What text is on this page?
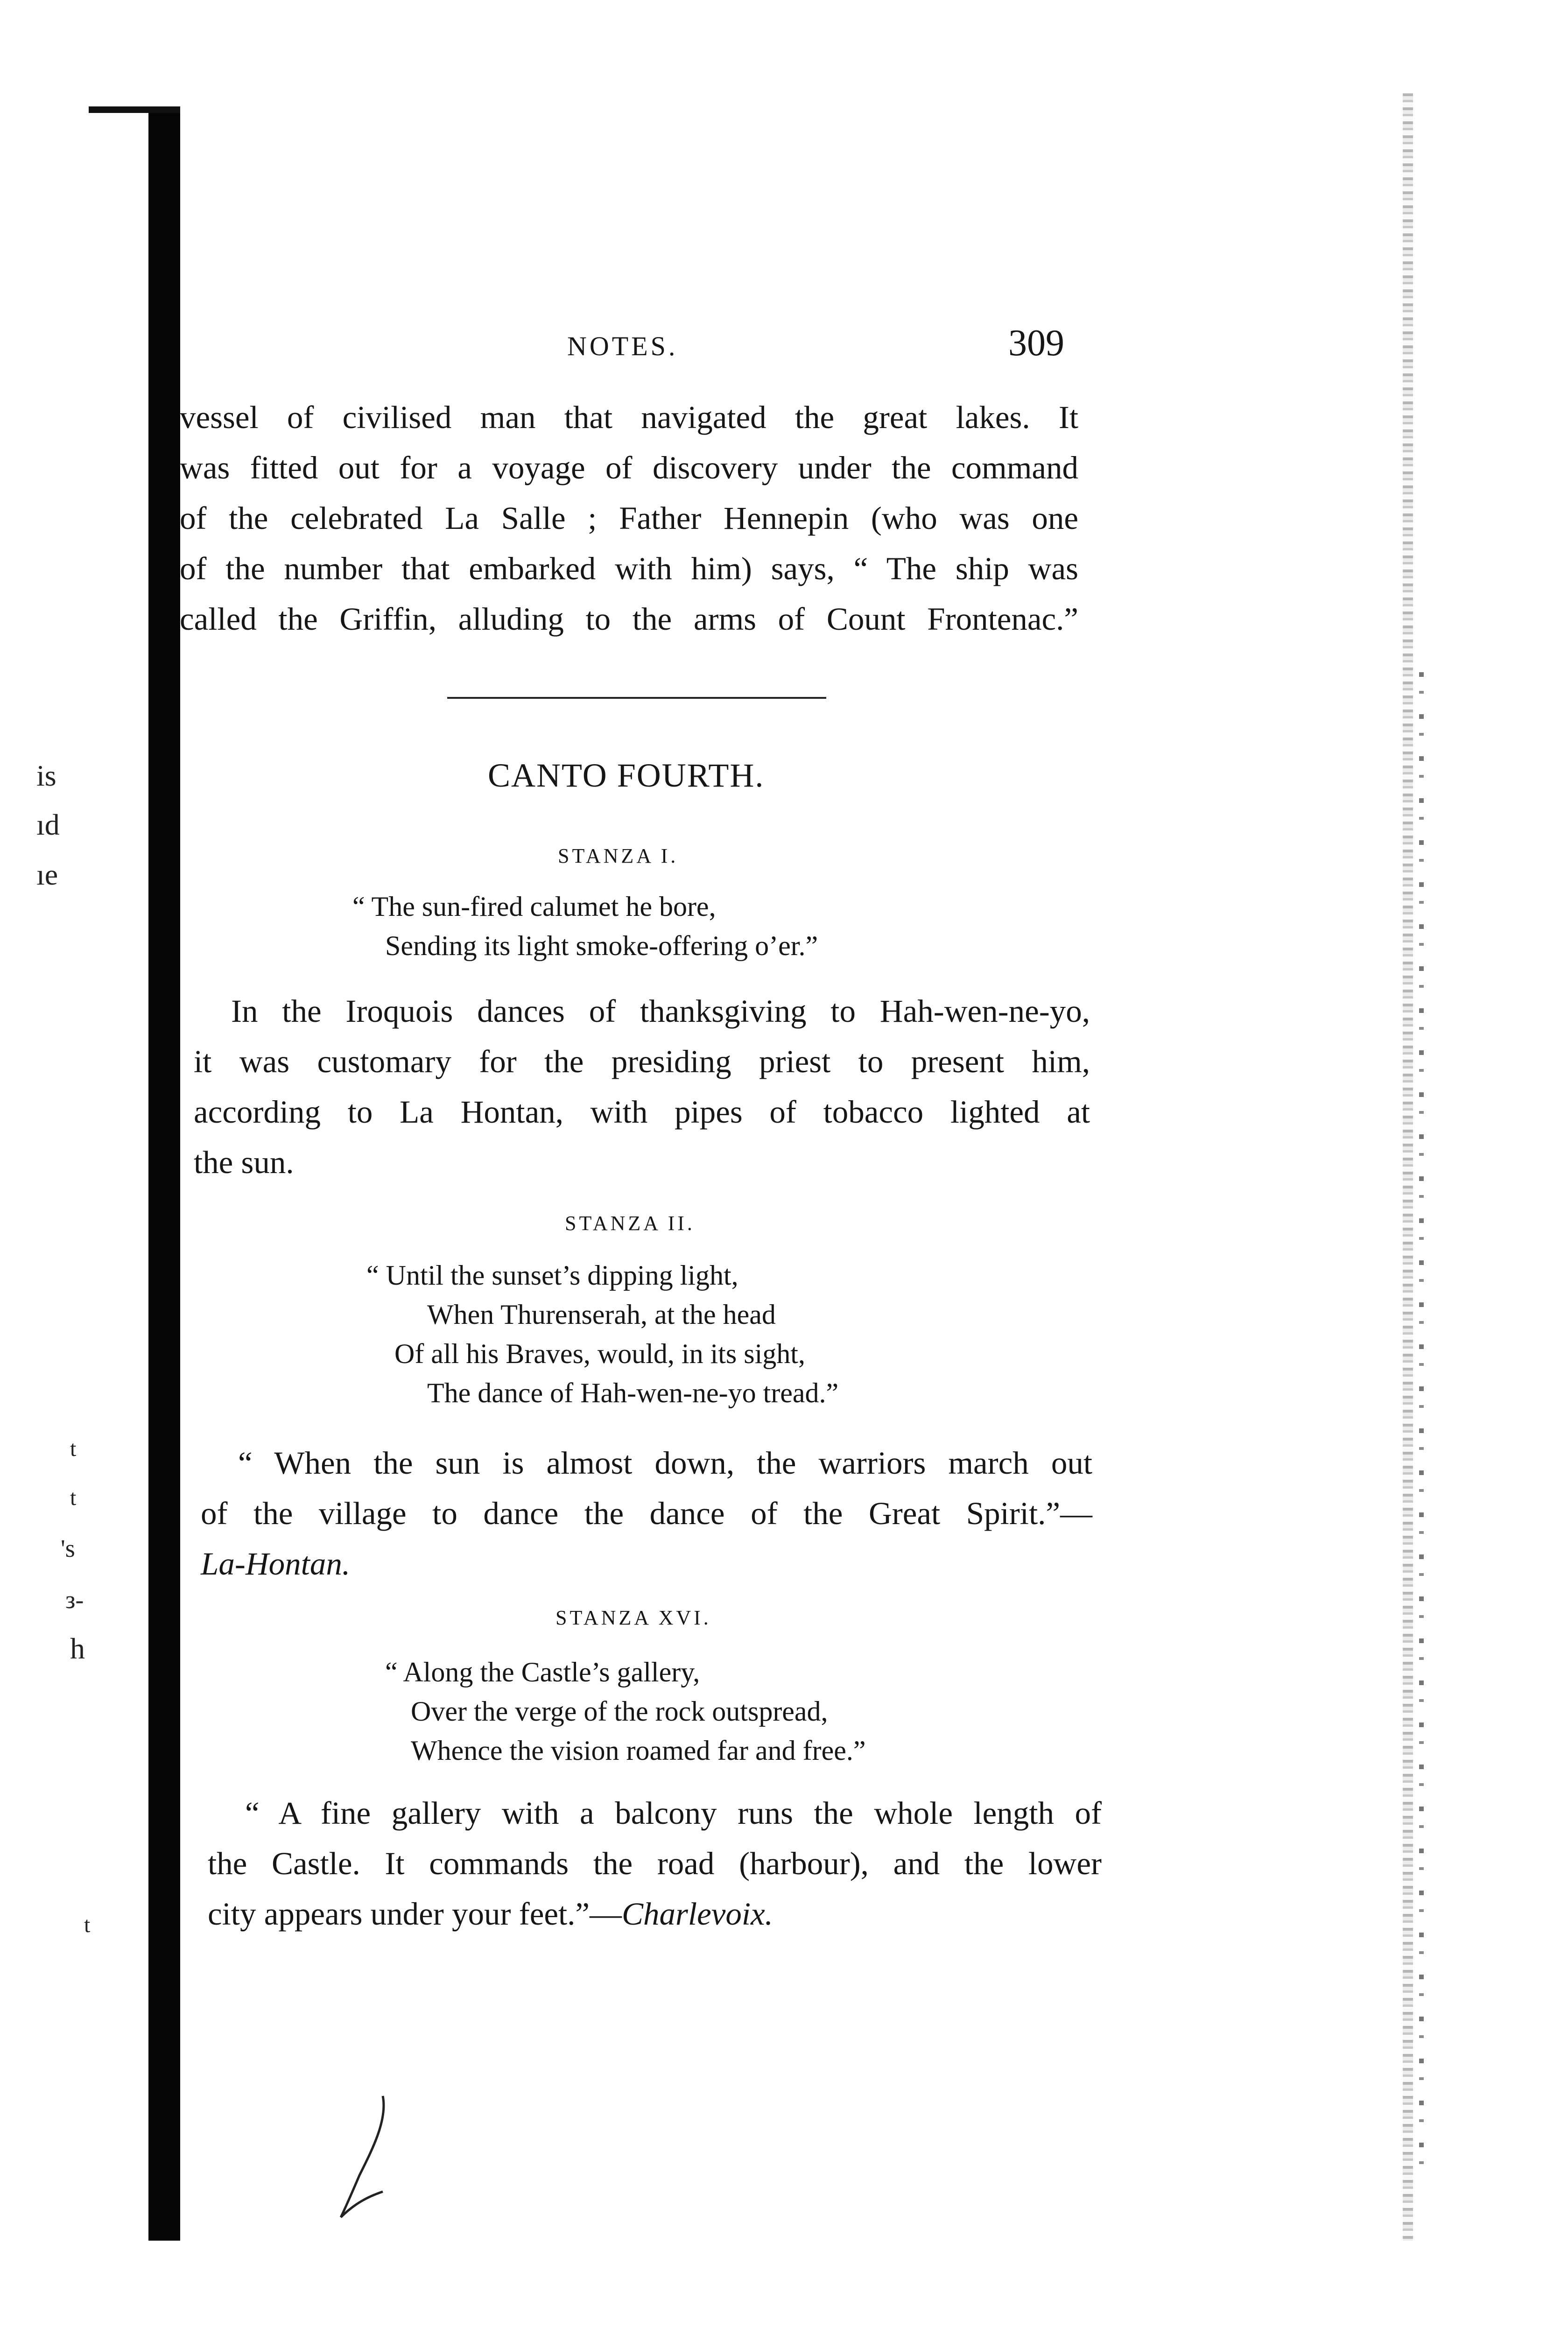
is
ıd
ıe
t
t
's
з-
h
t
NOTES.	309

vessel of civilised man that navigated the great lakes. It

was fitted out for a voyage of discovery under the command

of the celebrated La Salle ; Father Hennepin (who was one

of the number that embarked with him) says, “ The ship was

called the Griffin, alluding to the arms of Count Frontenac.”

CANTO FOURTH.
STANZA I.

“ The sun-fired calumet he bore,

Sending its light smoke-offering o’er.”

In the Iroquois dances of thanksgiving to Hah-wen-ne-yo,

it was customary for the presiding priest to present him,

according to La Hontan, with pipes of tobacco lighted at

the sun.

STANZA II.

“ Until the sunset’s dipping light,

When Thurenserah, at the head

Of all his Braves, would, in its sight,

The dance of Hah-wen-ne-yo tread.”

“ When the sun is almost down, the warriors march out

of the village to dance the dance of the Great Spirit.”—

La-Hontan.

STANZA XVI.

“ Along the Castle’s gallery,

Over the verge of the rock outspread,

Whence the vision roamed far and free.”

“ A fine gallery with a balcony runs the whole length of

the Castle. It commands the road (harbour), and the lower

city appears under your feet.”—Charlevoix.
